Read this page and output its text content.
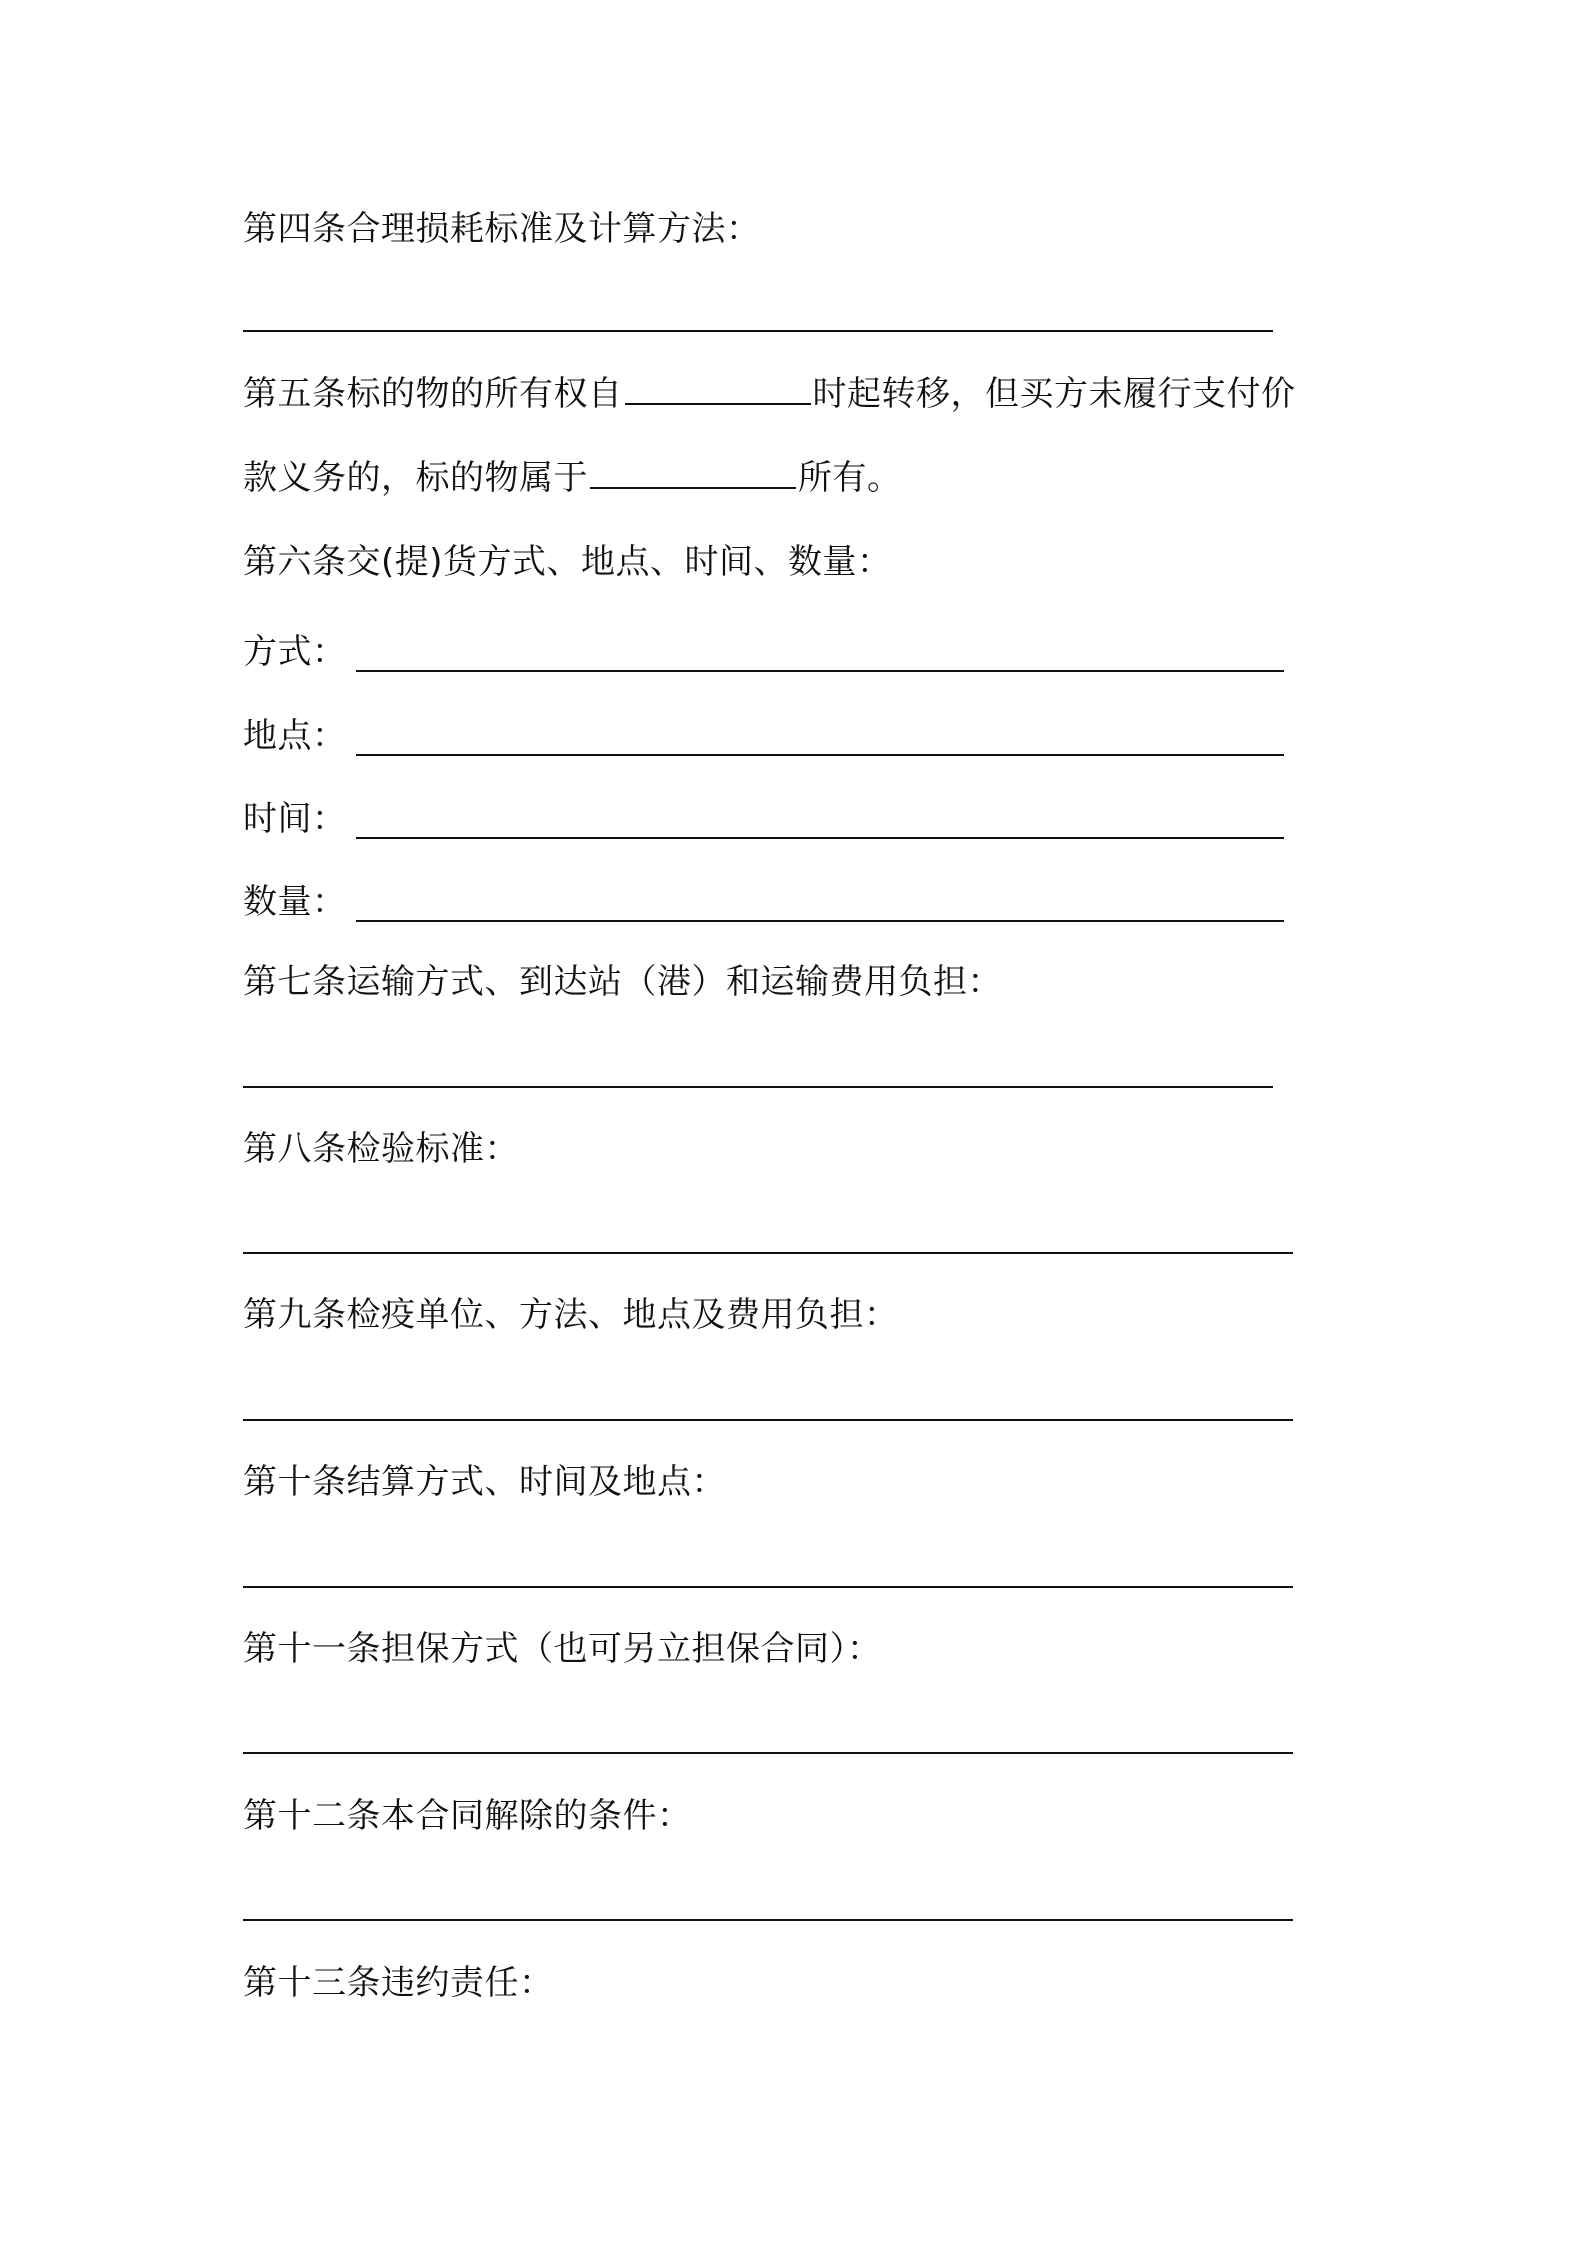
第四条合理损耗标准及计算方法：
第五条标的物的所有权自	时起转移，但买方未履行支付价
款义务的，标的物属于	所有。
第六条交(提)货方式、地点、时间、数量：
方式：
地点：
时间：
数量：
第七条运输方式、到达站（港）和运输费用负担：
第八条检验标准：
第九条检疫单位、方法、地点及费用负担：
第十条结算方式、时间及地点：
第十一条担保方式（也可另立担保合同）：
第十二条本合同解除的条件：
第十三条违约责任：
